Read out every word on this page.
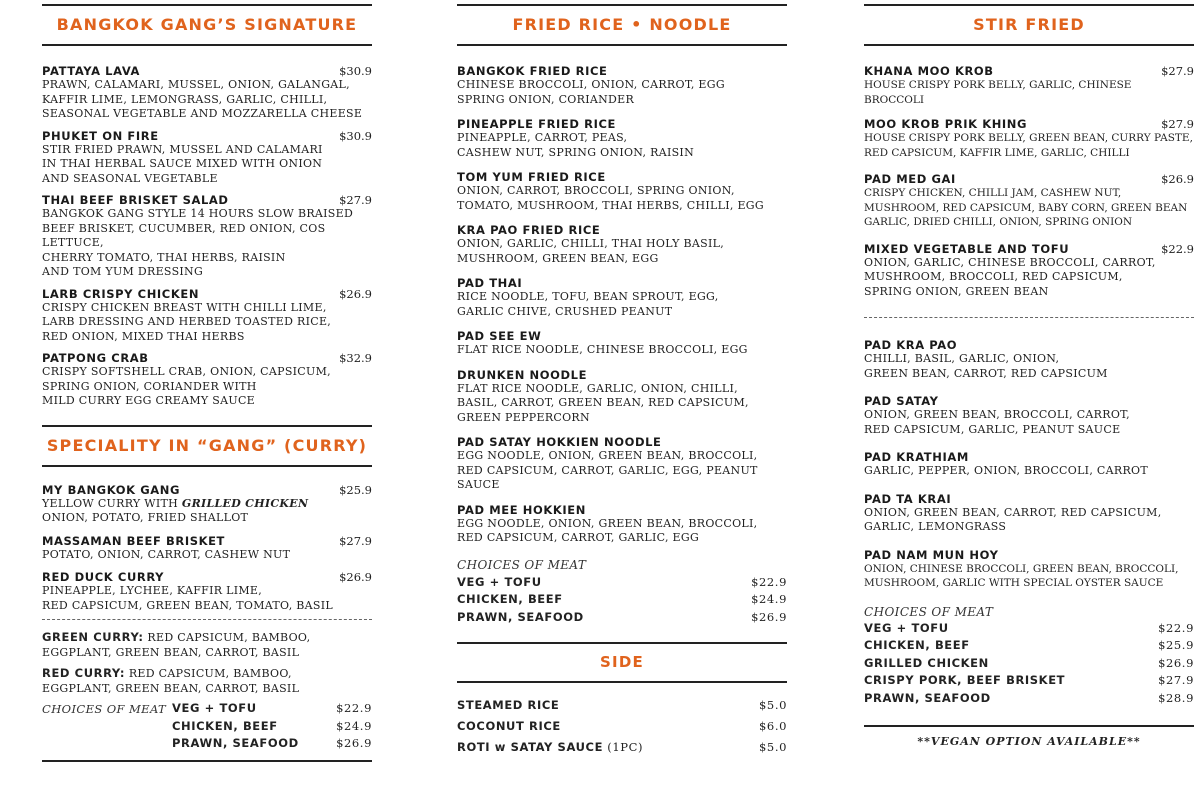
BANGKOK GANG’S SIGNATURE
PATTAYA LAVA	$30.9
PRAWN, CALAMARI, MUSSEL, ONION, GALANGAL,
KAFFIR LIME, LEMONGRASS, GARLIC, CHILLI,
SEASONAL VEGETABLE AND MOZZARELLA CHEESE
PHUKET ON FIRE	$30.9
STIR FRIED PRAWN, MUSSEL AND CALAMARI
IN THAI HERBAL SAUCE MIXED WITH ONION
AND SEASONAL VEGETABLE
THAI BEEF BRISKET SALAD	$27.9
BANGKOK GANG STYLE 14 HOURS SLOW BRAISED
BEEF BRISKET, CUCUMBER, RED ONION, COS LETTUCE,
CHERRY TOMATO, THAI HERBS, RAISIN
AND TOM YUM DRESSING
LARB CRISPY CHICKEN	$26.9
CRISPY CHICKEN BREAST WITH CHILLI LIME,
LARB DRESSING AND HERBED TOASTED RICE,
RED ONION, MIXED THAI HERBS
PATPONG CRAB	$32.9
CRISPY SOFTSHELL CRAB, ONION, CAPSICUM,
SPRING ONION, CORIANDER WITH
MILD CURRY EGG CREAMY SAUCE
SPECIALITY IN “GANG” (CURRY)
MY BANGKOK GANG	$25.9
YELLOW CURRY WITH GRILLED CHICKEN
ONION, POTATO, FRIED SHALLOT
MASSAMAN BEEF BRISKET	$27.9
POTATO, ONION, CARROT, CASHEW NUT
RED DUCK CURRY	$26.9
PINEAPPLE, LYCHEE, KAFFIR LIME,
RED CAPSICUM, GREEN BEAN, TOMATO, BASIL
GREEN CURRY: RED CAPSICUM, BAMBOO,
EGGPLANT, GREEN BEAN, CARROT, BASIL
RED CURRY: RED CAPSICUM, BAMBOO,
EGGPLANT, GREEN BEAN, CARROT, BASIL
CHOICES OF MEAT VEG + TOFU	$22.9
CHICKEN, BEEF	$24.9
PRAWN, SEAFOOD	$26.9
FRIED RICE • NOODLE
BANGKOK FRIED RICE
CHINESE BROCCOLI, ONION, CARROT, EGG
SPRING ONION, CORIANDER
PINEAPPLE FRIED RICE
PINEAPPLE, CARROT, PEAS,
CASHEW NUT, SPRING ONION, RAISIN
TOM YUM FRIED RICE
ONION, CARROT, BROCCOLI, SPRING ONION,
TOMATO, MUSHROOM, THAI HERBS, CHILLI, EGG
KRA PAO FRIED RICE
ONION, GARLIC, CHILLI, THAI HOLY BASIL,
MUSHROOM, GREEN BEAN, EGG
PAD THAI
RICE NOODLE, TOFU, BEAN SPROUT, EGG,
GARLIC CHIVE, CRUSHED PEANUT
PAD SEE EW
FLAT RICE NOODLE, CHINESE BROCCOLI, EGG
DRUNKEN NOODLE
FLAT RICE NOODLE, GARLIC, ONION, CHILLI,
BASIL, CARROT, GREEN BEAN, RED CAPSICUM,
GREEN PEPPERCORN
PAD SATAY HOKKIEN NOODLE
EGG NOODLE, ONION, GREEN BEAN, BROCCOLI,
RED CAPSICUM, CARROT, GARLIC, EGG, PEANUT SAUCE
PAD MEE HOKKIEN
EGG NOODLE, ONION, GREEN BEAN, BROCCOLI,
RED CAPSICUM, CARROT, GARLIC, EGG
CHOICES OF MEAT
VEG + TOFU	$22.9
CHICKEN, BEEF	$24.9
PRAWN, SEAFOOD	$26.9
SIDE
STEAMED RICE	$5.0
COCONUT RICE	$6.0
ROTI w SATAY SAUCE (1PC)	$5.0
STIR FRIED
KHANA MOO KROB	$27.9
HOUSE CRISPY PORK BELLY, GARLIC, CHINESE BROCCOLI
MOO KROB PRIK KHING	$27.9
HOUSE CRISPY PORK BELLY, GREEN BEAN, CURRY PASTE,
RED CAPSICUM, KAFFIR LIME, GARLIC, CHILLI
PAD MED GAI	$26.9
CRISPY CHICKEN, CHILLI JAM, CASHEW NUT,
MUSHROOM, RED CAPSICUM, BABY CORN, GREEN BEAN
GARLIC, DRIED CHILLI, ONION, SPRING ONION
MIXED VEGETABLE AND TOFU	$22.9
ONION, GARLIC, CHINESE BROCCOLI, CARROT,
MUSHROOM, BROCCOLI, RED CAPSICUM,
SPRING ONION, GREEN BEAN
PAD KRA PAO
CHILLI, BASIL, GARLIC, ONION,
GREEN BEAN, CARROT, RED CAPSICUM
PAD SATAY
ONION, GREEN BEAN, BROCCOLI, CARROT,
RED CAPSICUM, GARLIC, PEANUT SAUCE
PAD KRATHIAM
GARLIC, PEPPER, ONION, BROCCOLI, CARROT
PAD TA KRAI
ONION, GREEN BEAN, CARROT, RED CAPSICUM,
GARLIC, LEMONGRASS
PAD NAM MUN HOY
ONION, CHINESE BROCCOLI, GREEN BEAN, BROCCOLI,
MUSHROOM, GARLIC WITH SPECIAL OYSTER SAUCE
CHOICES OF MEAT
VEG + TOFU	$22.9
CHICKEN, BEEF	$25.9
GRILLED CHICKEN	$26.9
CRISPY PORK, BEEF BRISKET	$27.9
PRAWN, SEAFOOD	$28.9
**VEGAN OPTION AVAILABLE**
